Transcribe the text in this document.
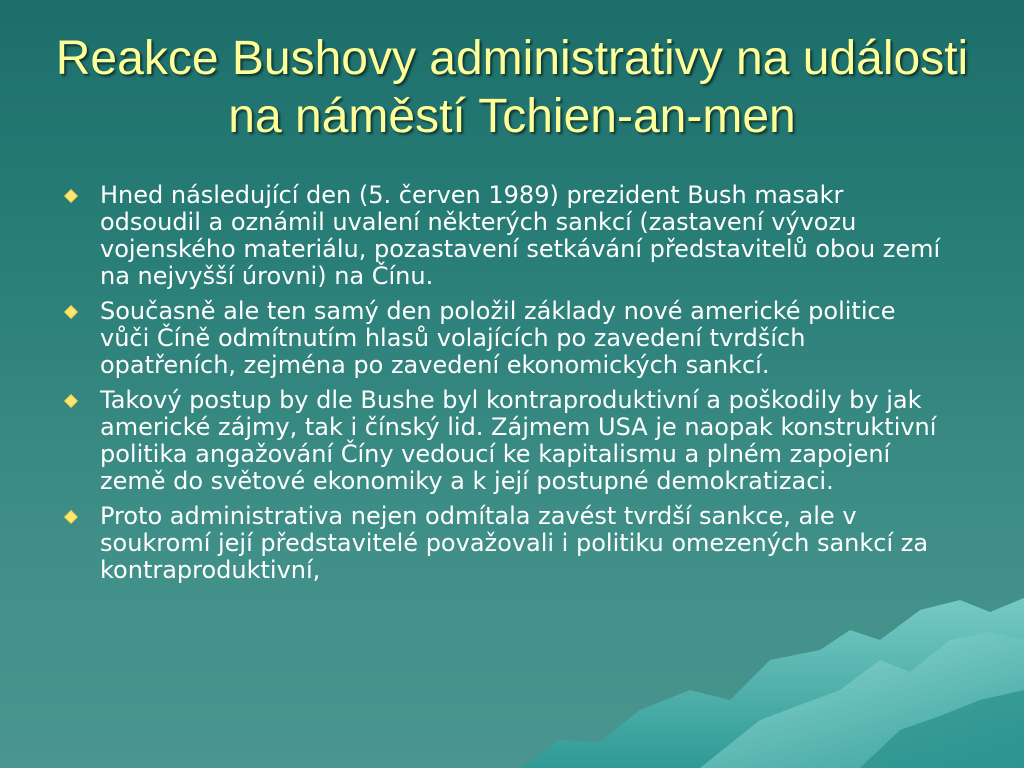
Reakce Bushovy administrativy na události na náměstí Tchien-an-men
Hned následující den (5. červen 1989) prezident Bush masakr odsoudil a oznámil uvalení některých sankcí (zastavení vývozu vojenského materiálu, pozastavení setkávání představitelů obou zemí na nejvyšší úrovni) na Čínu.
Současně ale ten samý den položil základy nové americké politice vůči Číně odmítnutím hlasů volajících po zavedení tvrdších opatřeních, zejména po zavedení ekonomických sankcí.
Takový postup by dle Bushe byl kontraproduktivní a poškodily by jak americké zájmy, tak i čínský lid. Zájmem USA je naopak konstruktivní politika angažování Číny vedoucí ke kapitalismu a plném zapojení země do světové ekonomiky a k její postupné demokratizaci.
Proto administrativa nejen odmítala zavést tvrdší sankce, ale v soukromí její představitelé považovali i politiku omezených sankcí za kontraproduktivní,
